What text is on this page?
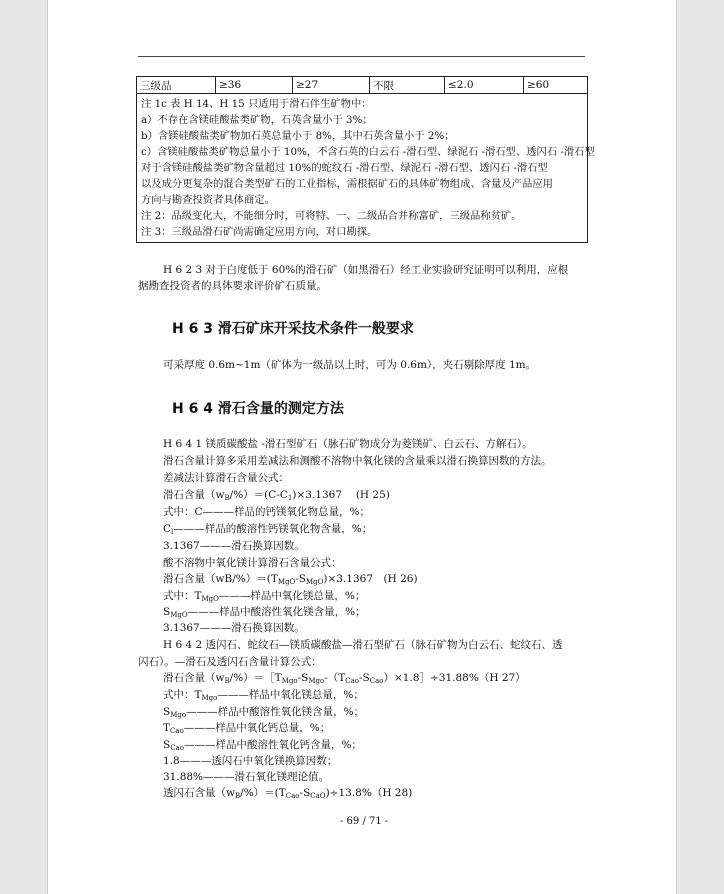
三级品	≥36	≥27	不限	≤2.0	≥60
注 1c 表 H 14、H 15 只适用于滑石伴生矿物中：
a）不存在含镁硅酸盐类矿物，石英含量小于 3%；
b）含镁硅酸盐类矿物加石英总量小于 8%，其中石英含量小于 2%；
c）含镁硅酸盐类矿物总量小于 10%，不含石英的白云石 -滑石型、绿泥石 -滑石型、透闪石 -滑石型
对于含镁硅酸盐类矿物含量超过 10%的蛇纹石 -滑石型、绿泥石 -滑石型、透闪石 -滑石型
以及成分更复杂的混合类型矿石的工业指标，需根据矿石的具体矿物组成、含量及产品应用
方向与勘查投资者具体商定。
注 2：品级变化大，不能细分时，可将特、一、二级品合并称富矿，三级品称贫矿。
注 3：三级品滑石矿尚需确定应用方向，对口勘探。
H 6 2 3 对于白度低于 60%的滑石矿（如黑滑石）经工业实验研究证明可以利用，应根
据勘查投资者的具体要求评价矿石质量。
H 6 3 滑石矿床开采技术条件一般要求
可采厚度 0.6m~1m（矿体为一级品以上时，可为 0.6m），夹石剔除厚度 1m。
H 6 4 滑石含量的测定方法
H 6 4 1 镁质碳酸盐 -滑石型矿石（脉石矿物成分为菱镁矿、白云石、方解石）。
滑石含量计算多采用差减法和测酸不溶物中氧化镁的含量乘以滑石换算因数的方法。
差减法计算滑石含量公式：
滑石含量$(w_B/\%)=(C-C_1)\times 3.1367$　 (H 25)
式中：C———样品的钙镁氧化物总量，%；
$C_l———$样品的酸溶性钙镁氧化物含量，%；
3.1367———滑石换算因数。
酸不溶物中氧化镁计算滑石含量公式：
滑石含量$(wB/\%)=(T_{MgO}-S_{MgO})\times 3.1367$　(H 26)
式中：$T_{MgO}———$样品中氧化镁总量，%；
$S_{MgO}———$样品中酸溶性氧化镁含量，%；
3.1367———滑石换算因数。
H 6 4 2 透闪石、蛇纹石—镁质碳酸盐—滑石型矿石（脉石矿物为白云石、蛇纹石、透
闪石）。—滑石及透闪石含量计算公式：
滑石含量$(w_B/\%)=[T_{Mgo}-S_{Mgo}-(T_{Cao}-S_{Cao})\times 1.8]\div 31.88\%(H$ 27）
式中：$T_{Mgo}———$样品中氧化镁总量，%；
$S_{Mgo}———$样品中酸溶性氧化镁含量，%；
$T_{Cao}———$样品中氧化钙总量，%；
$S_{Cao}———$样品中酸溶性氧化钙含量，%；
1.8———透闪石中氧化镁换算因数；
31.88%———滑石氧化镁理论值。
透闪石含量$(w_B/\%)=(T_{Cao}-S_{CaO})\div 13.8\%(H$ 28)
- 69 / 71 -
